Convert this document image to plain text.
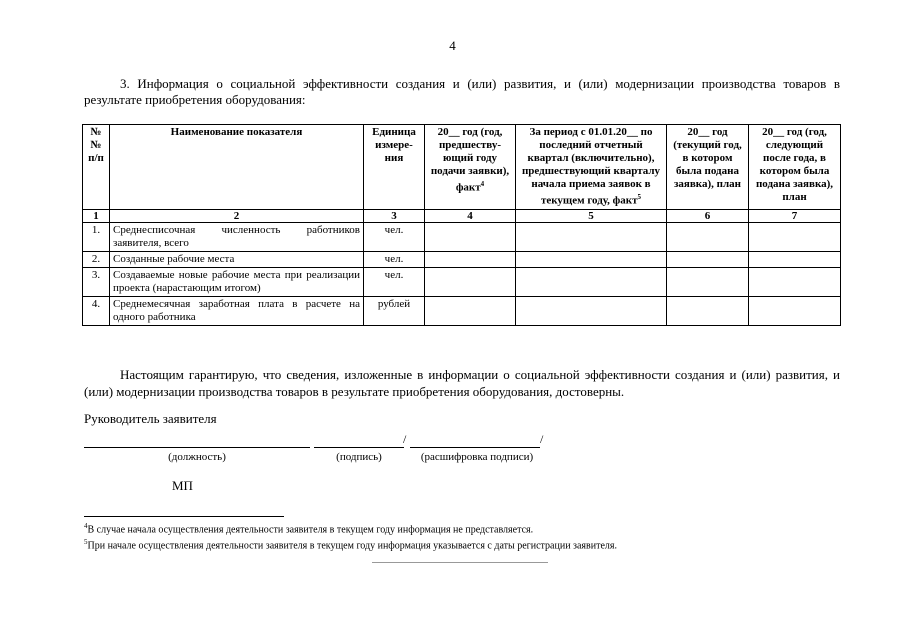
4
3. Информация о социальной эффективности создания и (или) развития, и (или) модернизации производства товаров в результате приобретения оборудования:
№№ п/п	Наименование показателя	Единица измере-ния	20__ год (год, предшеству-ющий году подачи заявки), факт$^4$	За период с 01.01.20__ по последний отчетный квартал (включительно), предшествующий кварталу начала приема заявок в текущем году, факт$^5$	20__ год (текущий год, в котором была подана заявка), план	20__ год (год, следующий после года, в котором была подана заявка), план
1	2	3	4	5	6	7
1.	Среднесписочная численность работников заявителя, всего	чел.				
2.	Созданные рабочие места	чел.				
3.	Создаваемые новые рабочие места при реализации проекта (нарастающим итогом)	чел.				
4.	Среднемесячная заработная плата в расчете на одного работника	рублей				
Настоящим гарантирую, что сведения, изложенные в информации о социальной эффективности создания и (или) развития, и (или) модернизации производства товаров в результате приобретения оборудования, достоверны.
Руководитель заявителя
/	/
(должность)	(подпись)	(расшифровка подписи)
МП
$^4$В случае начала осуществления деятельности заявителя в текущем году информация не представляется.
$^5$При начале осуществления деятельности заявителя в текущем году информация указывается с даты регистрации заявителя.
